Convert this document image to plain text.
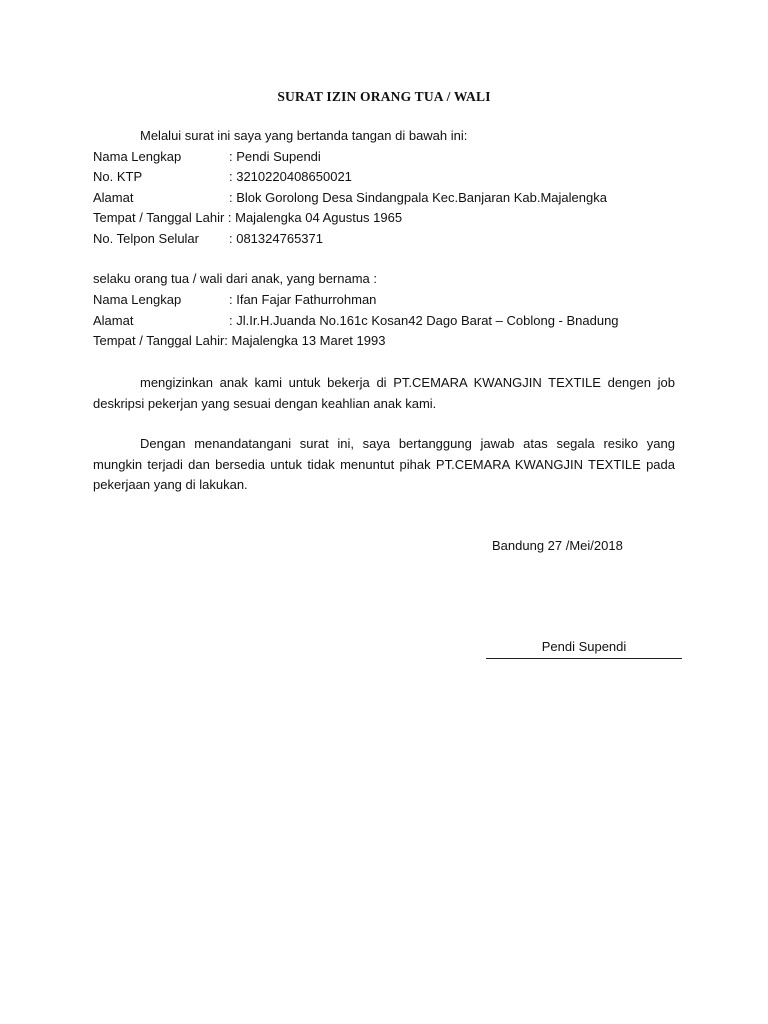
SURAT IZIN ORANG TUA / WALI
Melalui surat ini saya yang bertanda tangan di bawah ini:
Nama Lengkap	: Pendi Supendi
No. KTP	: 3210220408650021
Alamat	: Blok Gorolong Desa Sindangpala Kec.Banjaran Kab.Majalengka
Tempat / Tanggal Lahir : Majalengka 04 Agustus 1965
No. Telpon Selular : 081324765371
selaku orang tua / wali dari anak, yang bernama :
Nama Lengkap	: Ifan Fajar Fathurrohman
Alamat	: Jl.Ir.H.Juanda No.161c Kosan42 Dago Barat – Coblong - Bnadung
Tempat / Tanggal Lahir: Majalengka 13 Maret 1993
mengizinkan anak kami untuk bekerja di PT.CEMARA KWANGJIN TEXTILE dengen job deskripsi pekerjan yang sesuai dengan keahlian anak kami.
Dengan menandatangani surat ini, saya bertanggung jawab atas segala resiko yang mungkin terjadi dan bersedia untuk tidak menuntut pihak PT.CEMARA KWANGJIN TEXTILE pada pekerjaan yang di lakukan.
Bandung 27 /Mei/2018
Pendi Supendi
